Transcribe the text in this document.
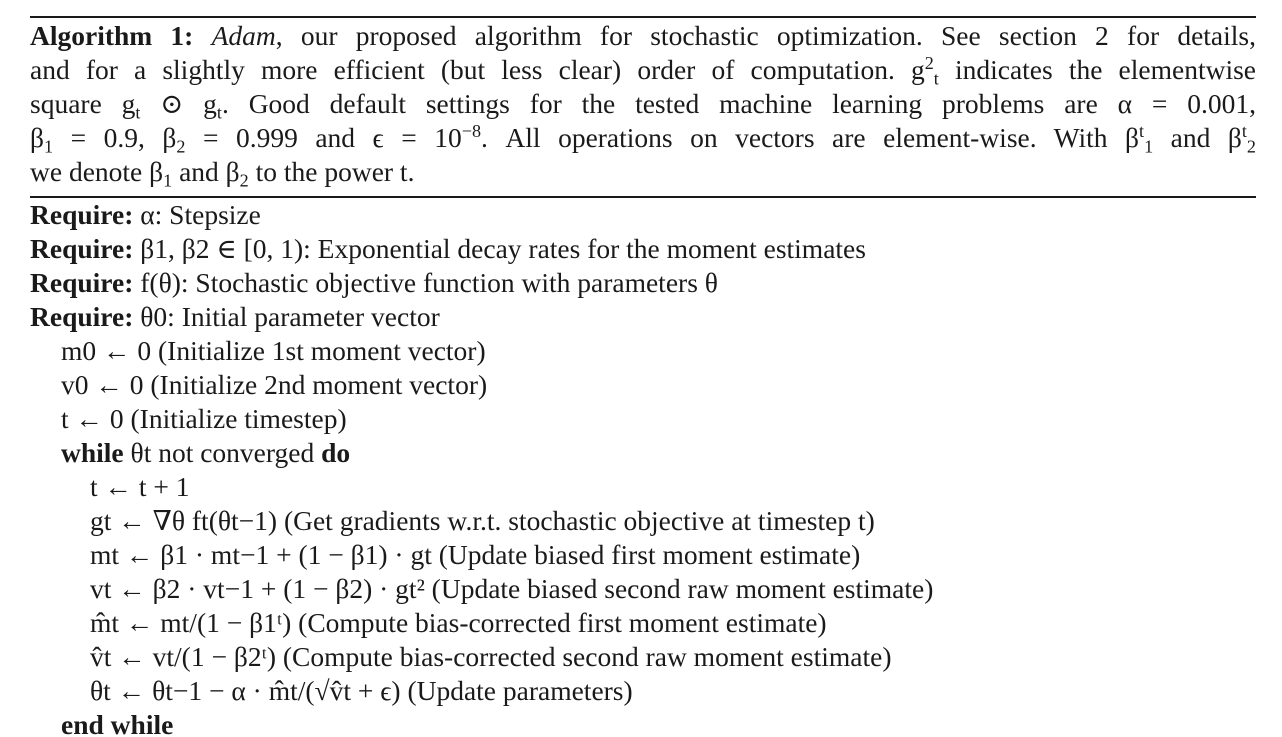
Algorithm 1: Adam, our proposed algorithm for stochastic optimization. See section 2 for details,
and for a slightly more efficient (but less clear) order of computation. $g^2_t$ indicates the elementwise
square $g_t$ ⊙ $g_t$. Good default settings for the tested machine learning problems are α = 0.001,
$\beta_1 = 0.9$, $\beta_2 = 0.999$ and $\epsilon = 10^{-8}$. All operations on vectors are element-wise. With $\beta^t_1$ and $\beta^t_2$
we denote $\beta_1$ and $\beta_2$ to the power t.
Require: α: Stepsize
Require: β1, β2 ∈ [0, 1): Exponential decay rates for the moment estimates
Require: f(θ): Stochastic objective function with parameters θ
Require: θ0: Initial parameter vector
m0 ← 0 (Initialize 1st moment vector)
v0 ← 0 (Initialize 2nd moment vector)
t ← 0 (Initialize timestep)
while θt not converged do
t ← t + 1
gt ← ∇θ ft(θt−1) (Get gradients w.r.t. stochastic objective at timestep t)
mt ← β1 · mt−1 + (1 − β1) · gt (Update biased first moment estimate)
vt ← β2 · vt−1 + (1 − β2) · gt² (Update biased second raw moment estimate)
m̂t ← mt/(1 − β1ᵗ) (Compute bias-corrected first moment estimate)
v̂t ← vt/(1 − β2ᵗ) (Compute bias-corrected second raw moment estimate)
θt ← θt−1 − α · m̂t/(√v̂t + ϵ) (Update parameters)
end while
